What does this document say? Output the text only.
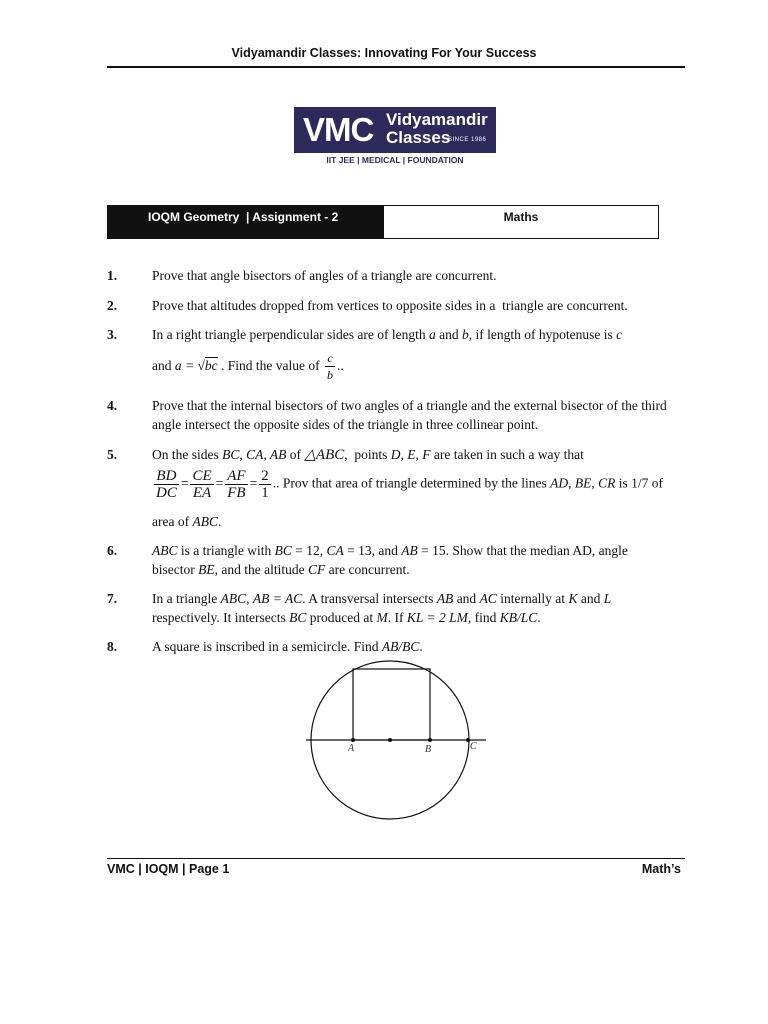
Vidyamandir Classes: Innovating For Your Success
VMC Vidyamandir
Classes
SINCE 1986
IIT JEE | MEDICAL | FOUNDATION
IOQM Geometry  | Assignment - 2	Maths
1.	Prove that angle bisectors of angles of a triangle are concurrent.
2.	Prove that altitudes dropped from vertices to opposite sides in a  triangle are concurrent.
3.	In a right triangle perpendicular sides are of length a and b, if length of hypotenuse is c
and a = √bc . Find the value of $\frac{c}{b}$ ..
4.	Prove that the internal bisectors of two angles of a triangle and the external bisector of the third angle intersect the opposite sides of the triangle in three collinear point.
5.	On the sides BC, CA, AB of △ABC,  points D, E, F are taken in such a way that
$\frac{BD}{DC} = \frac{CE}{EA} = \frac{AF}{FB} = \frac{2}{1}$ .. Prov that area of triangle determined by the lines AD, BE, CR is 1/7 of
area of ABC.
6.	ABC is a triangle with BC = 12, CA = 13, and AB = 15. Show that the median AD, angle
bisector BE, and the altitude CF are concurrent.
7.	In a triangle ABC, AB = AC. A transversal intersects AB and AC internally at K and L
respectively. It intersects BC produced at M. If KL = 2 LM, find KB/LC.
8.	A square is inscribed in a semicircle. Find AB/BC.
A	B	C
VMC | IOQM | Page 1	Math’s
